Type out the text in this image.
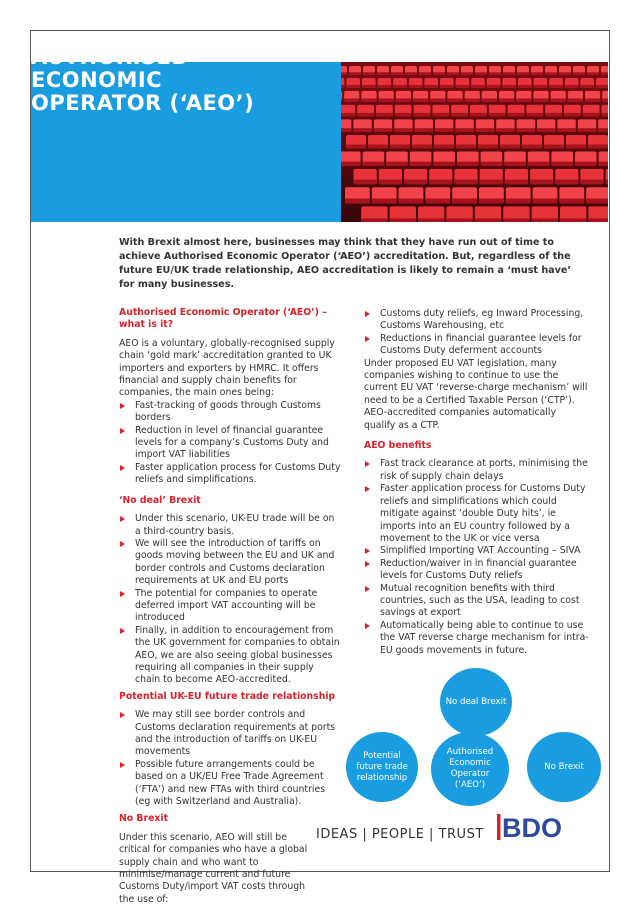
AUTHORISED
ECONOMIC
OPERATOR (‘AEO’)
With Brexit almost here, businesses may think that they have run out of time to achieve Authorised Economic Operator (‘AEO’) accreditation. But, regardless of the future EU/UK trade relationship, AEO accreditation is likely to remain a ‘must have’ for many businesses.
Authorised Economic Operator (‘AEO’) – what is it?
AEO is a voluntary, globally-recognised supply chain ‘gold mark’ accreditation granted to UK importers and exporters by HMRC. It offers financial and supply chain benefits for companies, the main ones being:
Fast-tracking of goods through Customs borders
Reduction in level of financial guarantee levels for a company’s Customs Duty and import VAT liabilities
Faster application process for Customs Duty reliefs and simplifications.
‘No deal’ Brexit
Under this scenario, UK-EU trade will be on a third-country basis.
We will see the introduction of tariffs on goods moving between the EU and UK and border controls and Customs declaration requirements at UK and EU ports
The potential for companies to operate deferred import VAT accounting will be introduced
Finally, in addition to encouragement from the UK government for companies to obtain AEO, we are also seeing global businesses requiring all companies in their supply chain to become AEO-accredited.
Potential UK-EU future trade relationship
We may still see border controls and Customs declaration requirements at ports and the introduction of tariffs on UK-EU movements
Possible future arrangements could be based on a UK/EU Free Trade Agreement (‘FTA’) and new FTAs with third countries (eg with Switzerland and Australia).
No Brexit
Under this scenario, AEO will still be critical for companies who have a global supply chain and who want to minimise/manage current and future Customs Duty/import VAT costs through the use of:
Customs duty reliefs, eg Inward Processing, Customs Warehousing, etc
Reductions in financial guarantee levels for Customs Duty deferment accounts
Under proposed EU VAT legislation, many companies wishing to continue to use the current EU VAT ‘reverse-charge mechanism’ will need to be a Certified Taxable Person (‘CTP’). AEO-accredited companies automatically qualify as a CTP.
AEO benefits
Fast track clearance at ports, minimising the risk of supply chain delays
Faster application process for Customs Duty reliefs and simplifications which could mitigate against ‘double Duty hits’, ie imports into an EU country followed by a movement to the UK or vice versa
Simplified Importing VAT Accounting – SIVA
Reduction/waiver in in financial guarantee levels for Customs Duty reliefs
Mutual recognition benefits with third countries, such as the USA, leading to cost savings at export
Automatically being able to continue to use the VAT reverse charge mechanism for intra-EU goods movements in future.
No deal Brexit
Potential future trade relationship
Authorised Economic Operator (‘AEO’)
No Brexit
IDEAS | PEOPLE | TRUST BDO
